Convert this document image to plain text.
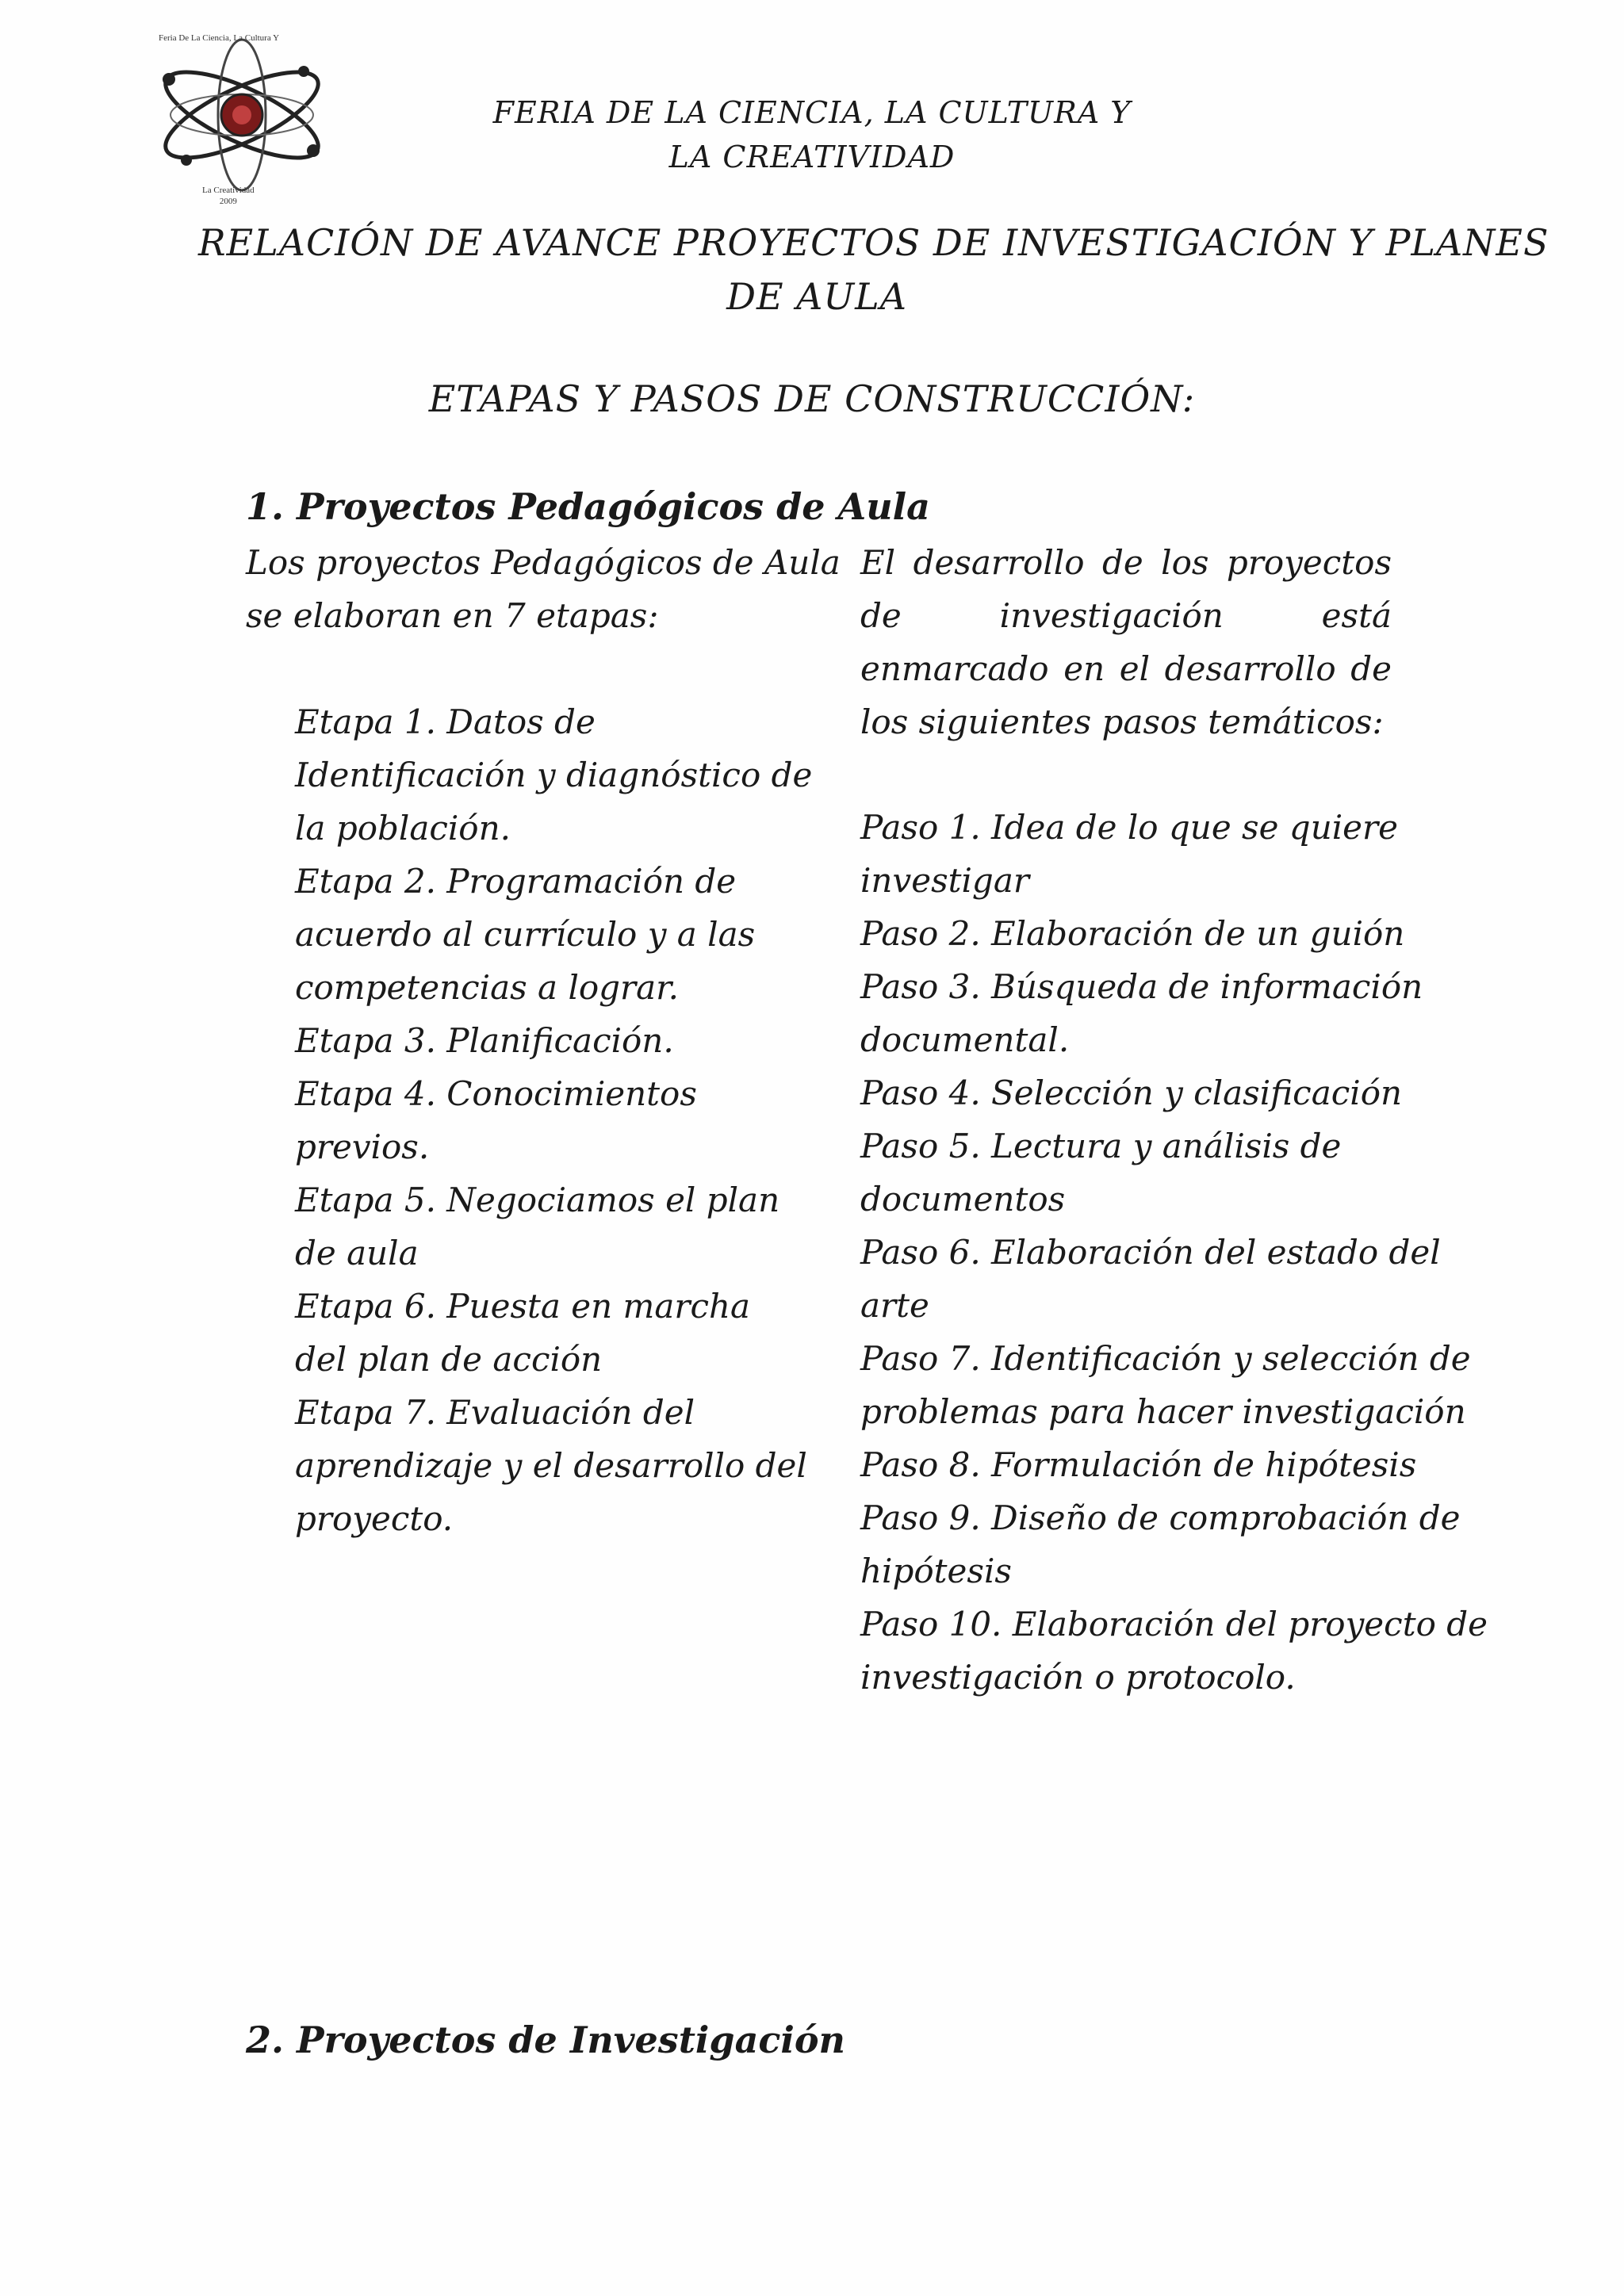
Feria De La Ciencia, La Cultura Y
La Creatividad
2009
FERIA DE LA CIENCIA, LA CULTURA Y
LA CREATIVIDAD
RELACIÓN DE AVANCE PROYECTOS DE INVESTIGACIÓN Y PLANES
DE AULA
ETAPAS Y PASOS DE CONSTRUCCIÓN:
1. Proyectos Pedagógicos de Aula
Los proyectos Pedagógicos de Aula
se elaboran en 7 etapas:
Etapa 1. Datos de
Identificación y diagnóstico de
la población.
Etapa 2. Programación de
acuerdo al currículo y a las
competencias a lograr.
Etapa 3. Planificación.
Etapa 4. Conocimientos
previos.
Etapa 5. Negociamos el plan
de aula
Etapa 6. Puesta en marcha
del plan de acción
Etapa 7. Evaluación del
aprendizaje y el desarrollo del
proyecto.
El desarrollo de los proyectos de investigación está enmarcado en el desarrollo de los siguientes pasos temáticos:
Paso 1. Idea de lo que se quiere
investigar
Paso 2. Elaboración de un guión
Paso 3. Búsqueda de información
documental.
Paso 4. Selección y clasificación
Paso 5. Lectura y análisis de
documentos
Paso 6. Elaboración del estado del
arte
Paso 7. Identificación y selección de
problemas para hacer investigación
Paso 8. Formulación de hipótesis
Paso 9. Diseño de comprobación de
hipótesis
Paso 10. Elaboración del proyecto de
investigación o protocolo.
2. Proyectos de Investigación
